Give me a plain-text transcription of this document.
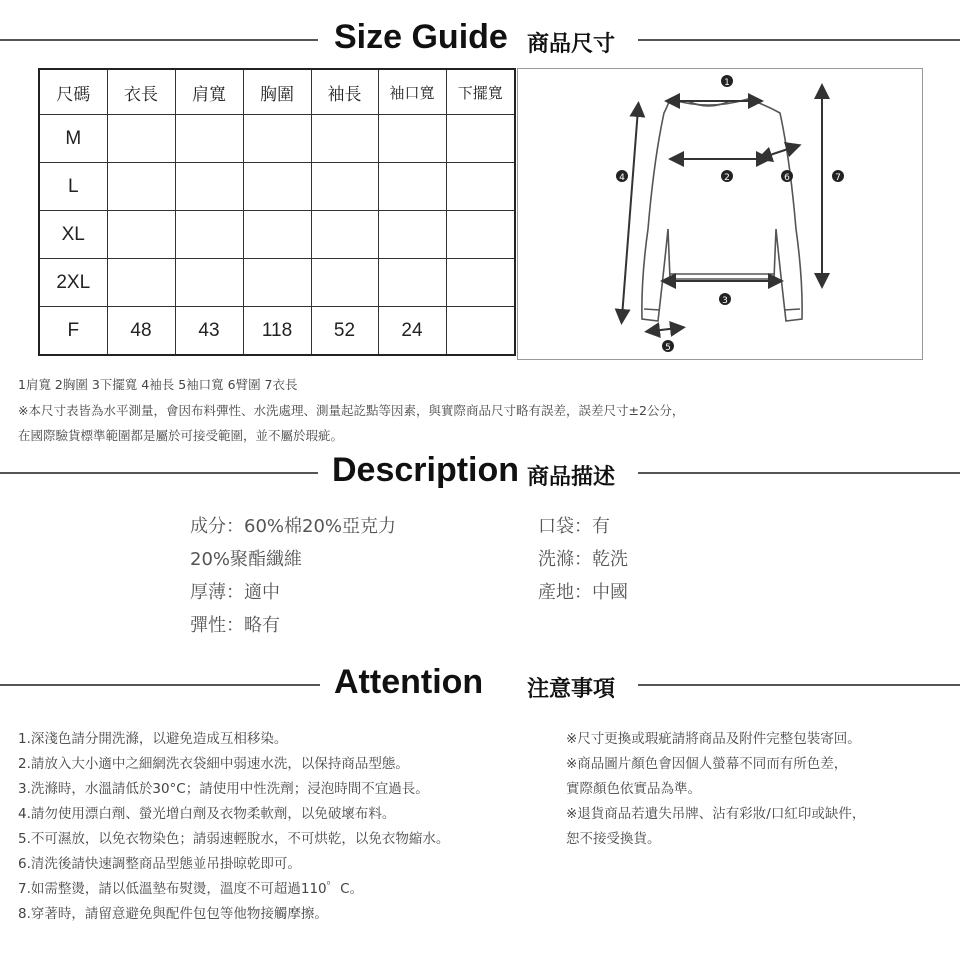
Size Guide 商品尺寸
尺碼	衣長	肩寬	胸圍	袖長	袖口寬	下擺寬
M						
L						
XL						
2XL						
F	48	43	118	52	24	
1
2
3
4
5
6	7
1肩寬 2胸圍 3下擺寬 4袖長 5袖口寬 6臂圍 7衣長
※本尺寸表皆為水平測量，會因布料彈性、水洗處理、測量起訖點等因素，與實際商品尺寸略有誤差，誤差尺寸±2公分，
在國際驗貨標準範圍都是屬於可接受範圍，並不屬於瑕疵。
Description 商品描述
成分：60%棉20%亞克力
20%聚酯纖維
厚薄：適中
彈性：略有
口袋：有
洗滌：乾洗
產地：中國
Attention 注意事項
1.深淺色請分開洗滌，以避免造成互相移染。
2.請放入大小適中之細網洗衣袋細中弱速水洗，以保持商品型態。
3.洗滌時，水溫請低於30°C；請使用中性洗劑；浸泡時間不宜過長。
4.請勿使用漂白劑、螢光增白劑及衣物柔軟劑，以免破壞布料。
5.不可濕放，以免衣物染色；請弱速輕脫水，不可烘乾，以免衣物縮水。
6.清洗後請快速調整商品型態並吊掛晾乾即可。
7.如需整燙，請以低溫墊布熨燙，溫度不可超過110゜C。
8.穿著時，請留意避免與配件包包等他物接觸摩擦。
※尺寸更換或瑕疵請將商品及附件完整包裝寄回。
※商品圖片顏色會因個人螢幕不同而有所色差，
實際顏色依實品為準。
※退貨商品若遺失吊牌、沾有彩妝/口紅印或缺件，
恕不接受換貨。
